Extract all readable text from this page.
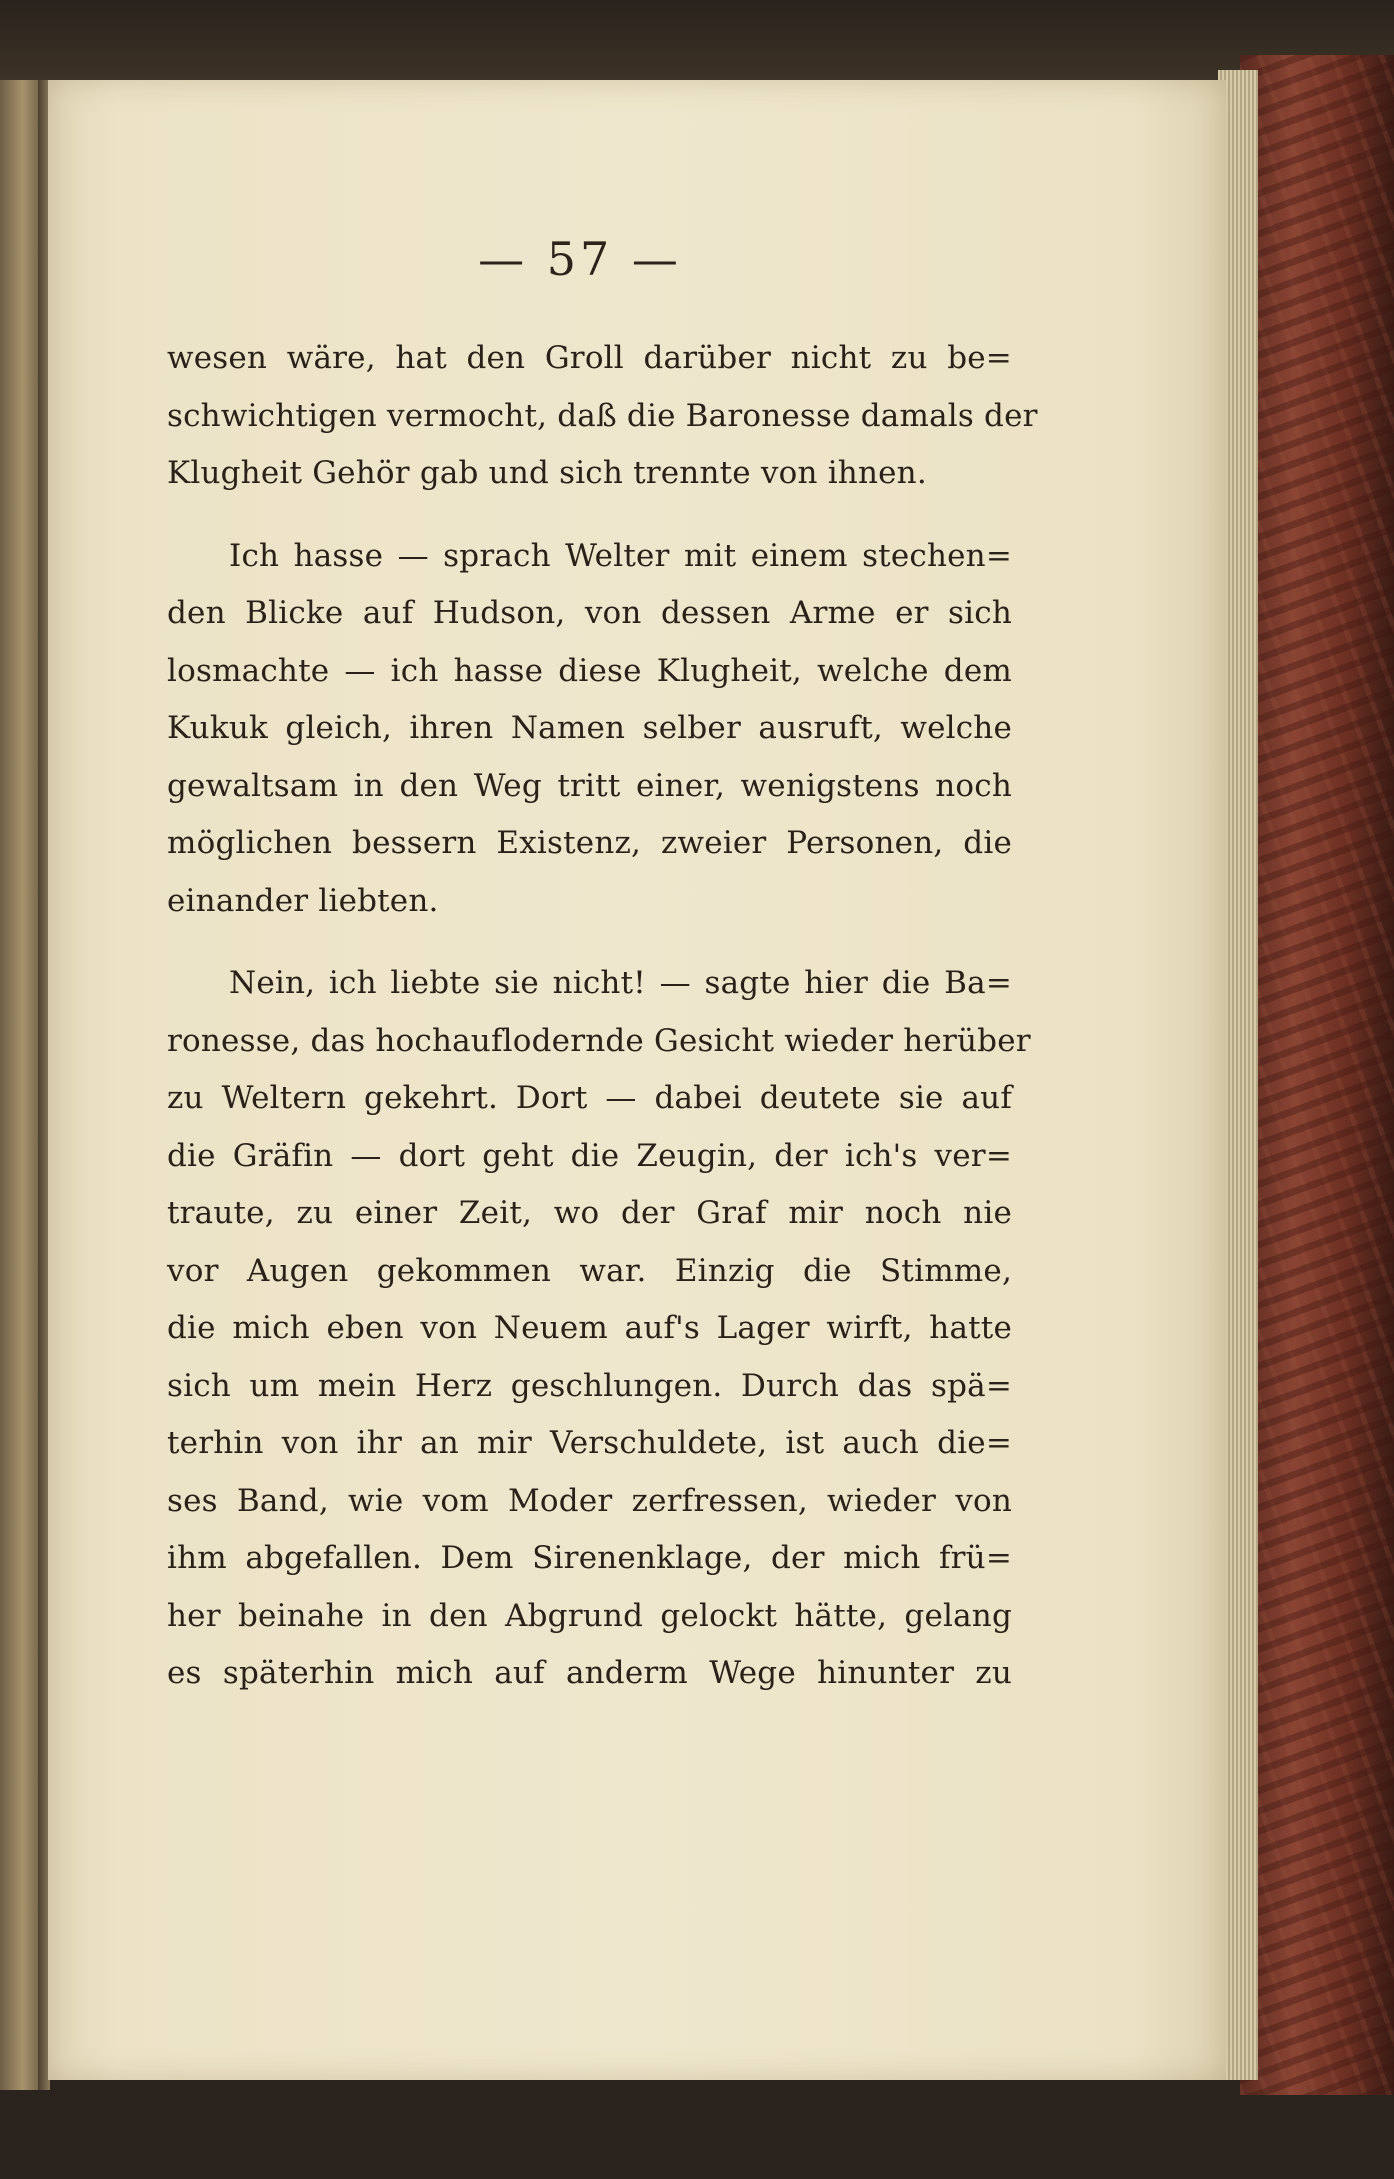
— 57 —
wesen wäre, hat den Groll darüber nicht zu be=
schwichtigen vermocht, daß die Baronesse damals der
Klugheit Gehör gab und sich trennte von ihnen.
Ich hasse — sprach Welter mit einem stechen=
den Blicke auf Hudson, von dessen Arme er sich
losmachte — ich hasse diese Klugheit, welche dem
Kukuk gleich, ihren Namen selber ausruft, welche
gewaltsam in den Weg tritt einer, wenigstens noch
möglichen bessern Existenz, zweier Personen, die
einander liebten.
Nein, ich liebte sie nicht! — sagte hier die Ba=
ronesse, das hochauflodernde Gesicht wieder herüber
zu Weltern gekehrt. Dort — dabei deutete sie auf
die Gräfin — dort geht die Zeugin, der ich's ver=
traute, zu einer Zeit, wo der Graf mir noch nie
vor Augen gekommen war. Einzig die Stimme,
die mich eben von Neuem auf's Lager wirft, hatte
sich um mein Herz geschlungen. Durch das spä=
terhin von ihr an mir Verschuldete, ist auch die=
ses Band, wie vom Moder zerfressen, wieder von
ihm abgefallen. Dem Sirenenklage, der mich frü=
her beinahe in den Abgrund gelockt hätte, gelang
es späterhin mich auf anderm Wege hinunter zu
